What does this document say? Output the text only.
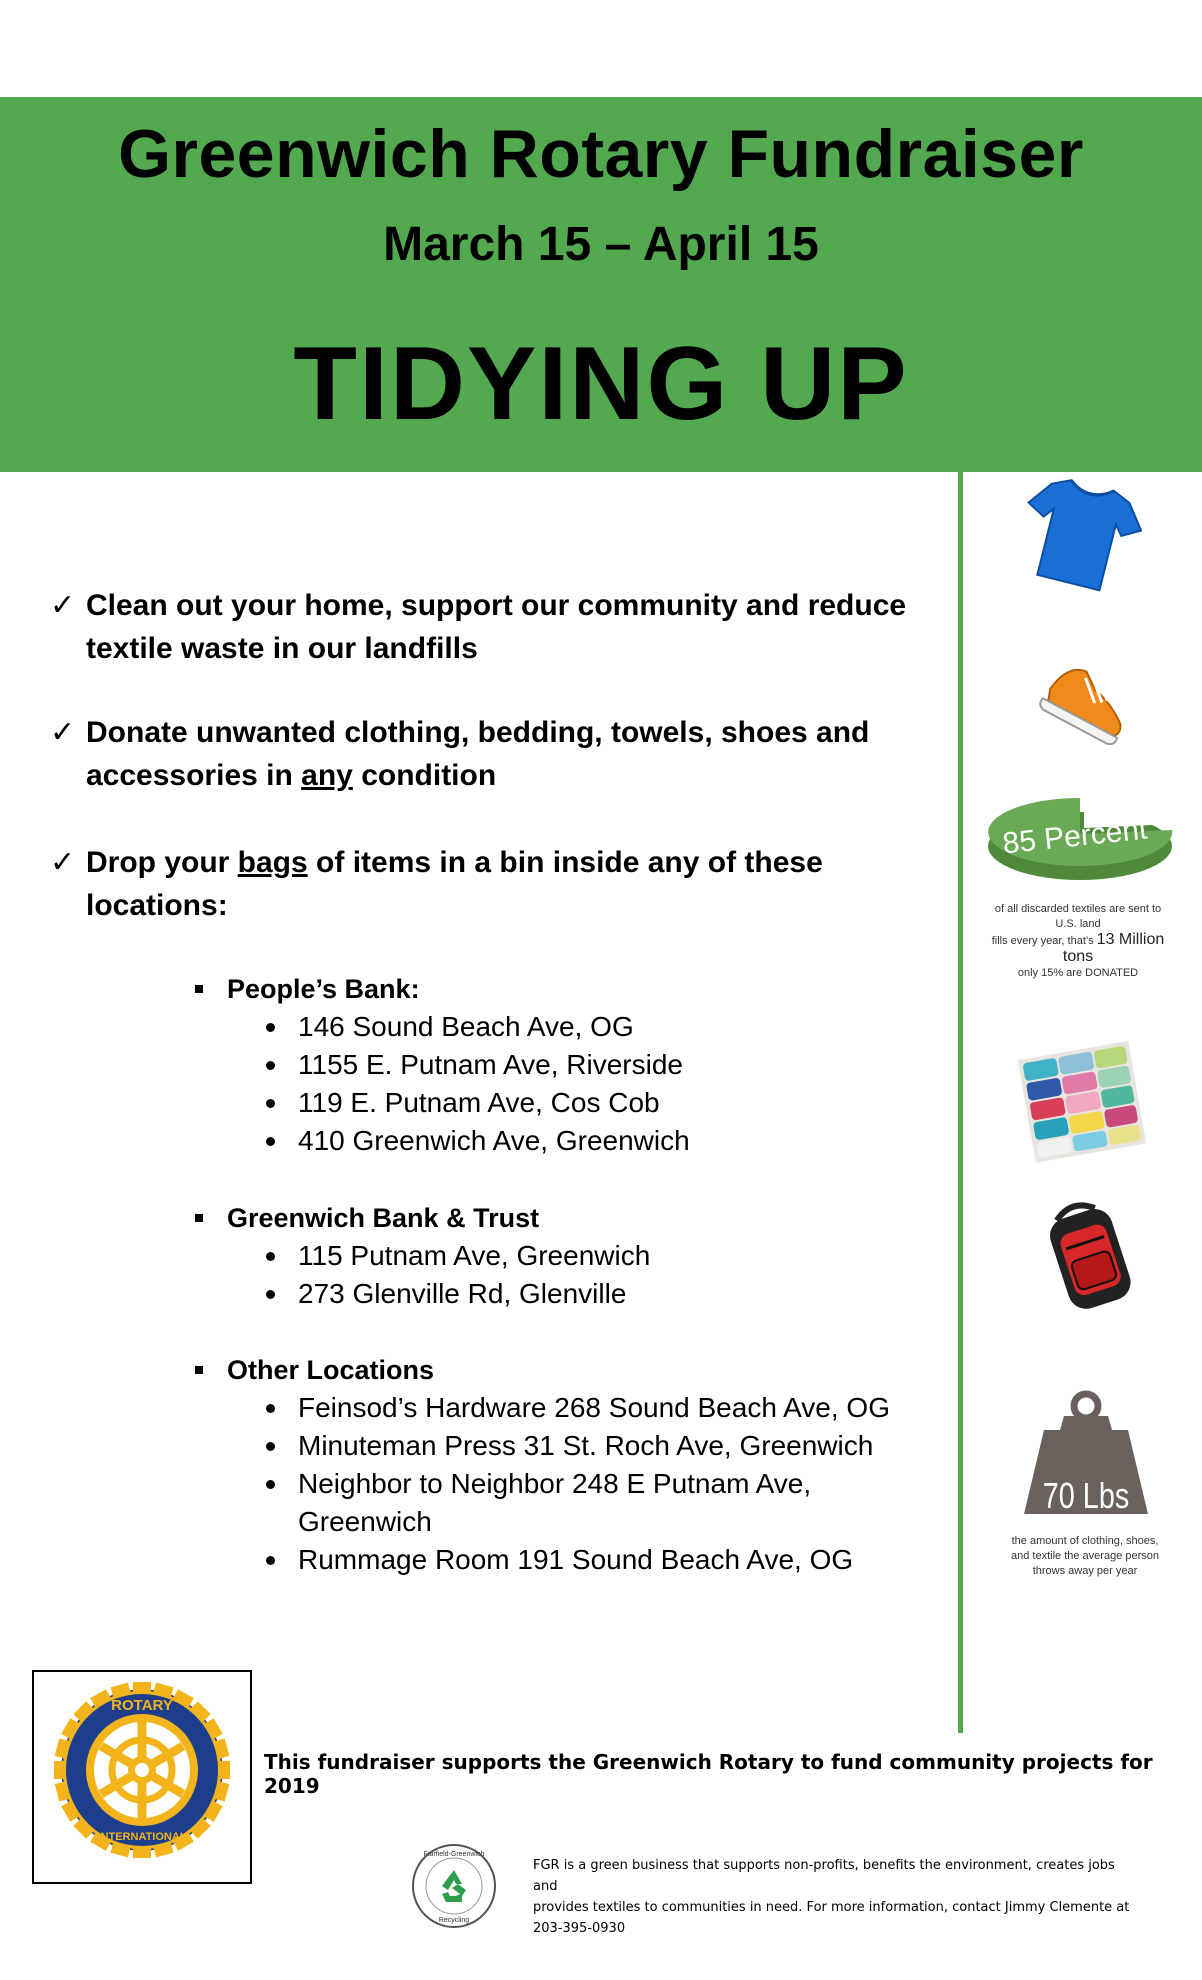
Greenwich Rotary Fundraiser
March 15 – April 15
TIDYING UP
✓ Clean out your home, support our community and reduce
textile waste in our landfills
✓ Donate unwanted clothing, bedding, towels, shoes and
accessories in any condition
✓ Drop your bags of items in a bin inside any of these
locations:
People’s Bank:
146 Sound Beach Ave, OG
1155 E. Putnam Ave, Riverside
119 E. Putnam Ave, Cos Cob
410 Greenwich Ave, Greenwich
Greenwich Bank & Trust
115 Putnam Ave, Greenwich
273 Glenville Rd, Glenville
Other Locations
Feinsod’s Hardware 268 Sound Beach Ave, OG
Minuteman Press 31 St. Roch Ave, Greenwich
Neighbor to Neighbor 248 E Putnam Ave, Greenwich
Rummage Room 191 Sound Beach Ave, OG
85 Percent
of all discarded textiles are sent to U.S. land
fills every year, that’s 13 Million tons
only 15% are DONATED
70 Lbs
the amount of clothing, shoes, and textile the average person throws away per year
ROTARY
INTERNATIONAL
This fundraiser supports the Greenwich Rotary to fund community projects for 2019
Fairfield-Greenwich
Recycling
FGR is a green business that supports non-profits, benefits the environment, creates jobs and
provides textiles to communities in need. For more information, contact Jimmy Clemente at
203-395-0930
